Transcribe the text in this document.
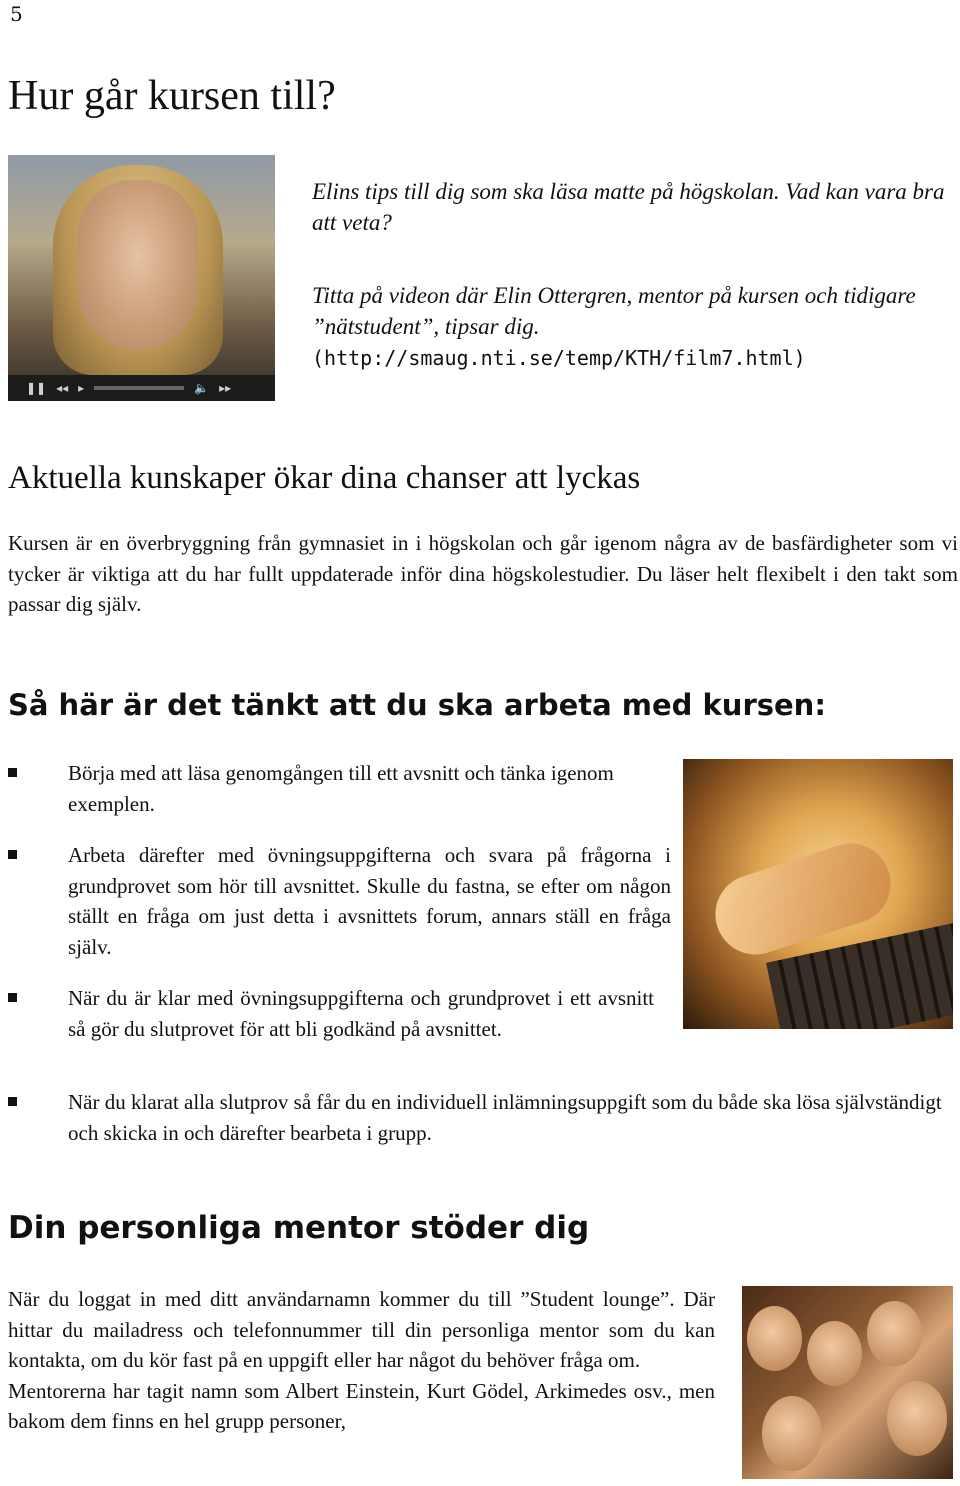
5
Hur går kursen till?
❚❚ ◂◂ ▸	🔈 ▸▸
Elins tips till dig som ska läsa matte på högskolan. Vad kan vara bra att veta?
Titta på videon där Elin Ottergren, mentor på kursen och tidigare ”nätstudent”, tipsar dig.
(http://smaug.nti.se/temp/KTH/film7.html)
Aktuella kunskaper ökar dina chanser att lyckas
Kursen är en överbryggning från gymnasiet in i högskolan och går igenom några av de basfärdigheter som vi tycker är viktiga att du har fullt uppdaterade inför dina högskolestudier. Du läser helt flexibelt i den takt som passar dig själv.
Så här är det tänkt att du ska arbeta med kursen:
Börja med att läsa genomgången till ett avsnitt och tänka igenom exemplen.
Arbeta därefter med övningsuppgifterna och svara på frågorna i grundprovet som hör till avsnittet. Skulle du fastna, se efter om någon ställt en fråga om just detta i avsnittets forum, annars ställ en fråga själv.
När du är klar med övningsuppgifterna och grundprovet i ett avsnitt så gör du slutprovet för att bli godkänd på avsnittet.
När du klarat alla slutprov så får du en individuell inlämningsuppgift som du både ska lösa självständigt och skicka in och därefter bearbeta i grupp.
Din personliga mentor stöder dig
När du loggat in med ditt användarnamn kommer du till ”Student lounge”. Där hittar du mailadress och telefonnummer till din personliga mentor som du kan kontakta, om du kör fast på en uppgift eller har något du behöver fråga om.
Mentorerna har tagit namn som Albert Einstein, Kurt Gödel, Arkimedes osv., men bakom dem finns en hel grupp personer,
